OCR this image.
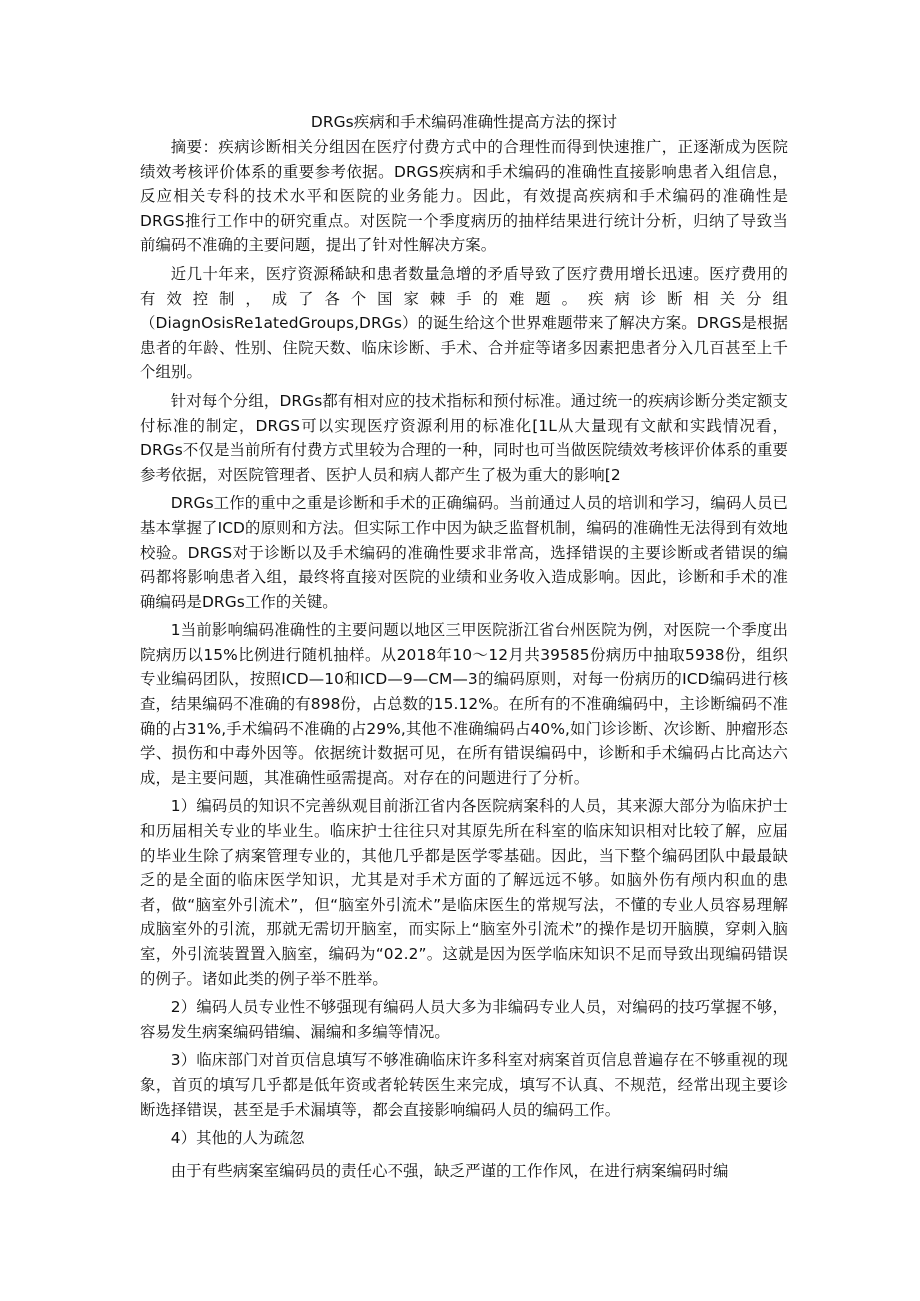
DRGs疾病和手术编码准确性提高方法的探讨

摘要：疾病诊断相关分组因在医疗付费方式中的合理性而得到快速推广，正逐渐成为医院绩效考核评价体系的重要参考依据。DRGS疾病和手术编码的准确性直接影响患者入组信息，反应相关专科的技术水平和医院的业务能力。因此，有效提高疾病和手术编码的准确性是DRGS推行工作中的研究重点。对医院一个季度病历的抽样结果进行统计分析，归纳了导致当前编码不准确的主要问题，提出了针对性解决方案。

近几十年来，医疗资源稀缺和患者数量急增的矛盾导致了医疗费用增长迅速。医疗费用的有效控制，成了各个国家棘手的难题。疾病诊断相关分组（DiagnOsisRe1atedGroups,DRGs）的诞生给这个世界难题带来了解决方案。DRGS是根据患者的年龄、性别、住院天数、临床诊断、手术、合并症等诸多因素把患者分入几百甚至上千个组别。

针对每个分组，DRGs都有相对应的技术指标和预付标准。通过统一的疾病诊断分类定额支付标准的制定，DRGS可以实现医疗资源利用的标准化[1L从大量现有文献和实践情况看，DRGs不仅是当前所有付费方式里较为合理的一种，同时也可当做医院绩效考核评价体系的重要参考依据，对医院管理者、医护人员和病人都产生了极为重大的影响[2

DRGs工作的重中之重是诊断和手术的正确编码。当前通过人员的培训和学习，编码人员已基本掌握了ICD的原则和方法。但实际工作中因为缺乏监督机制，编码的准确性无法得到有效地校验。DRGS对于诊断以及手术编码的准确性要求非常高，选择错误的主要诊断或者错误的编码都将影响患者入组，最终将直接对医院的业绩和业务收入造成影响。因此，诊断和手术的准确编码是DRGs工作的关键。

1当前影响编码准确性的主要问题以地区三甲医院浙江省台州医院为例，对医院一个季度出院病历以15%比例进行随机抽样。从2018年10～12月共39585份病历中抽取5938份，组织专业编码团队，按照ICD—10和ICD—9—CM—3的编码原则，对每一份病历的ICD编码进行核查，结果编码不准确的有898份，占总数的15.12%。在所有的不准确编码中，主诊断编码不准确的占31%,手术编码不准确的占29%,其他不准确编码占40%,如门诊诊断、次诊断、肿瘤形态学、损伤和中毒外因等。依据统计数据可见，在所有错误编码中，诊断和手术编码占比高达六成，是主要问题，其准确性亟需提高。对存在的问题进行了分析。

1）编码员的知识不完善纵观目前浙江省内各医院病案科的人员，其来源大部分为临床护士和历届相关专业的毕业生。临床护士往往只对其原先所在科室的临床知识相对比较了解，应届的毕业生除了病案管理专业的，其他几乎都是医学零基础。因此，当下整个编码团队中最最缺乏的是全面的临床医学知识，尤其是对手术方面的了解远远不够。如脑外伤有颅内积血的患者，做“脑室外引流术”，但“脑室外引流术”是临床医生的常规写法，不懂的专业人员容易理解成脑室外的引流，那就无需切开脑室，而实际上“脑室外引流术”的操作是切开脑膜，穿刺入脑室，外引流装置置入脑室，编码为“02.2”。这就是因为医学临床知识不足而导致出现编码错误的例子。诸如此类的例子举不胜举。

2）编码人员专业性不够强现有编码人员大多为非编码专业人员，对编码的技巧掌握不够，容易发生病案编码错编、漏编和多编等情况。

3）临床部门对首页信息填写不够准确临床许多科室对病案首页信息普遍存在不够重视的现象，首页的填写几乎都是低年资或者轮转医生来完成，填写不认真、不规范，经常出现主要诊断选择错误，甚至是手术漏填等，都会直接影响编码人员的编码工作。

4）其他的人为疏忽

由于有些病案室编码员的责任心不强，缺乏严谨的工作作风，在进行病案编码时编
